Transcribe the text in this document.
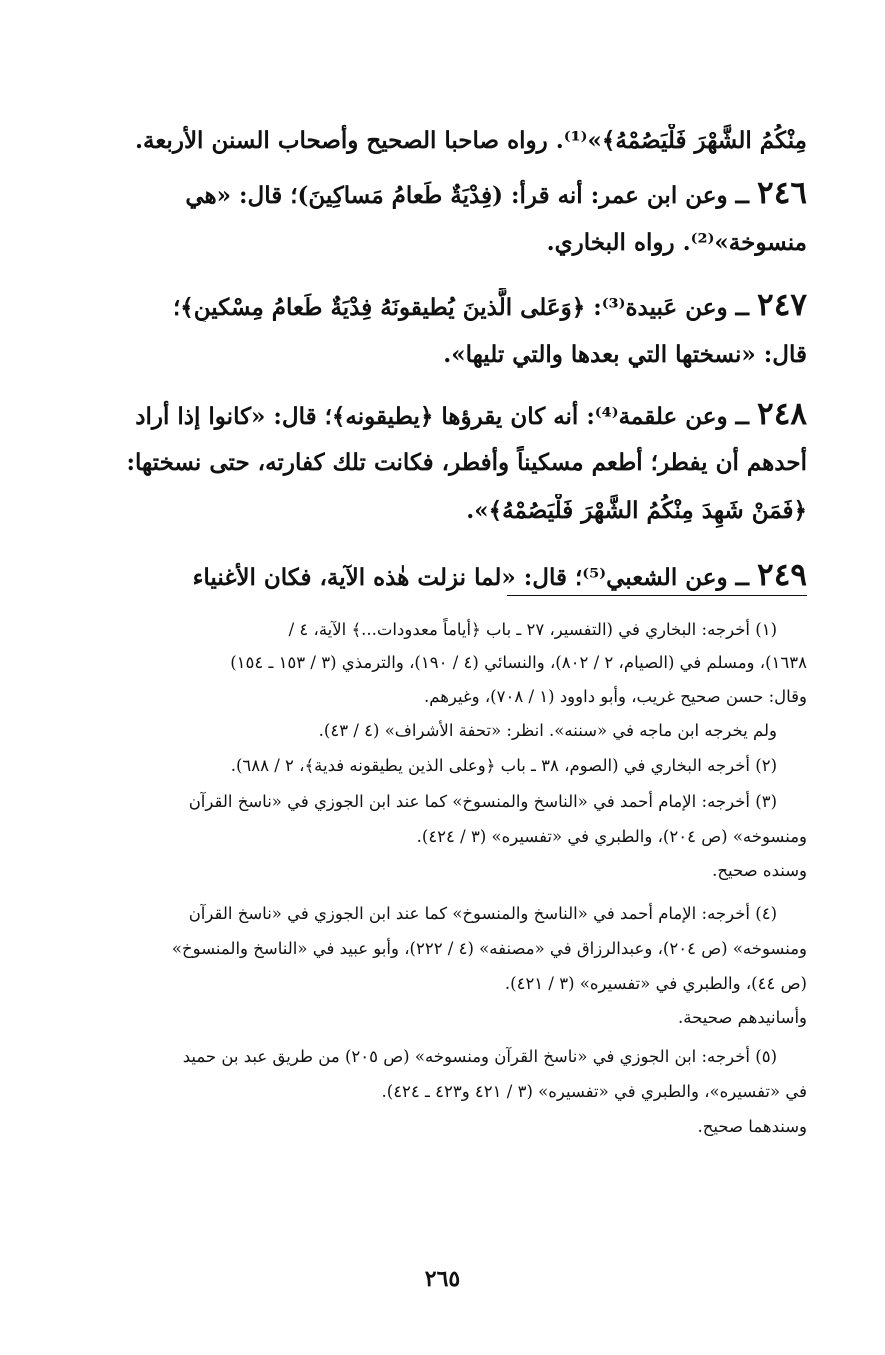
مِنْكُمُ الشَّهْرَ فَلْيَصُمْهُ﴾»⁽¹⁾. رواه صاحبا الصحيح وأصحاب السنن الأربعة.
٢٤٦ ــ وعن ابن عمر: أنه قرأ: (فِدْيَةٌ طَعامُ مَساكِينَ)؛ قال: «هي
منسوخة»⁽²⁾. رواه البخاري.
٢٤٧ ــ وعن عَبيدة⁽³⁾: ﴿وَعَلى الَّذينَ يُطيقونَهُ فِدْيَةٌ طَعامُ مِسْكينٍ﴾؛
قال: «نسختها التي بعدها والتي تليها».
٢٤٨ ــ وعن علقمة⁽⁴⁾: أنه كان يقرؤها ﴿يطيقونه﴾؛ قال: «كانوا إذا أراد
أحدهم أن يفطر؛ أطعم مسكيناً وأفطر، فكانت تلك كفارته، حتى نسختها:
﴿فَمَنْ شَهِدَ مِنْكُمُ الشَّهْرَ فَلْيَصُمْهُ﴾».
٢٤٩ ــ وعن الشعبي⁽⁵⁾؛ قال: «لما نزلت هٰذه الآية، فكان الأغنياء
(١) أخرجه: البخاري في (التفسير، ٢٧ ـ باب ﴿أياماً معدودات...﴾ الآية، ٤ /
١٦٣٨)، ومسلم في (الصيام، ٢ / ٨٠٢)، والنسائي (٤ / ١٩٠)، والترمذي (٣ / ١٥٣ ـ ١٥٤)
وقال: حسن صحيح غريب، وأبو داوود (١ / ٧٠٨)، وغيرهم.
ولم يخرجه ابن ماجه في «سننه». انظر: «تحفة الأشراف» (٤ / ٤٣).
(٢) أخرجه البخاري في (الصوم، ٣٨ ـ باب ﴿وعلى الذين يطيقونه فدية﴾، ٢ / ٦٨٨).
(٣) أخرجه: الإمام أحمد في «الناسخ والمنسوخ» كما عند ابن الجوزي في «ناسخ القرآن
ومنسوخه» (ص ٢٠٤)، والطبري في «تفسيره» (٣ / ٤٢٤).
وسنده صحيح.
(٤) أخرجه: الإمام أحمد في «الناسخ والمنسوخ» كما عند ابن الجوزي في «ناسخ القرآن
ومنسوخه» (ص ٢٠٤)، وعبدالرزاق في «مصنفه» (٤ / ٢٢٢)، وأبو عبيد في «الناسخ والمنسوخ»
(ص ٤٤)، والطبري في «تفسيره» (٣ / ٤٢١).
وأسانيدهم صحيحة.
(٥) أخرجه: ابن الجوزي في «ناسخ القرآن ومنسوخه» (ص ٢٠٥) من طريق عبد بن حميد
في «تفسيره»، والطبري في «تفسيره» (٣ / ٤٢١ و٤٢٣ ـ ٤٢٤).
وسندهما صحيح.
٢٦٥
